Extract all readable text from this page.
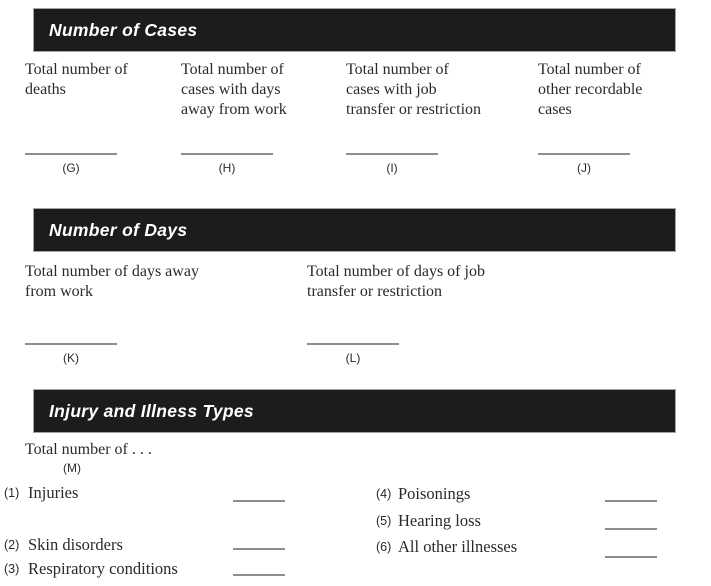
Number of Cases
Total number of
deaths
(G)
Total number of
cases with days
away from work
(H)
Total number of
cases with job
transfer or restriction
(I)
Total number of
other recordable
cases
(J)
Number of Days
Total number of days away
from work
(K)
Total number of days of job
transfer or restriction
(L)
Injury and Illness Types
Total number of . . .
(M)
(1) Injuries
(2) Skin disorders
(3) Respiratory conditions
(4) Poisonings
(5) Hearing loss
(6) All other illnesses
